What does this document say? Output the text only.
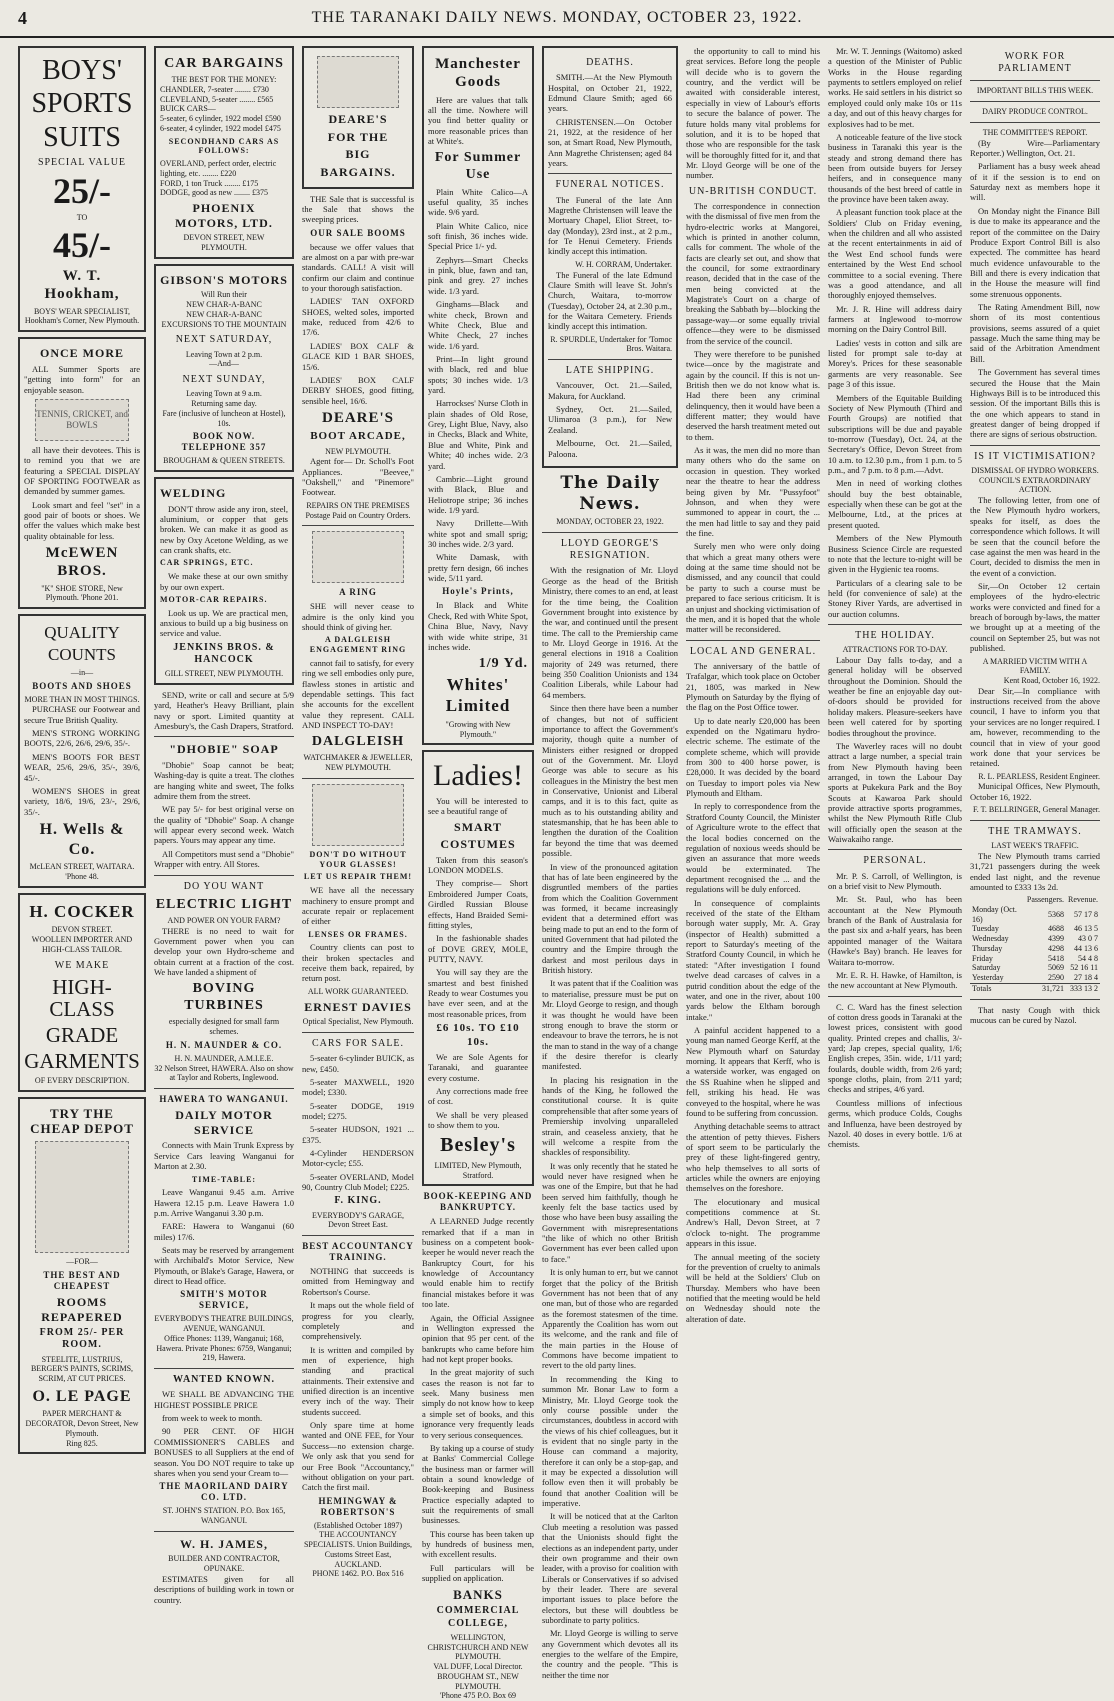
4	THE TARANAKI DAILY NEWS. MONDAY, OCTOBER 23, 1922.
BOYS'
SPORTS
SUITS
SPECIAL VALUE
25/-
TO
45/-
W. T. Hookham,
BOYS' WEAR SPECIALIST,
Hookham's Corner, New Plymouth.
ONCE MORE

ALL Summer Sports are "getting into form" for an enjoyable season.

TENNIS, CRICKET, and BOWLS

all have their devotees. This is to remind you that we are featuring a SPECIAL DISPLAY OF SPORTING FOOTWEAR as demanded by summer games.

Look smart and feel "set" in a good pair of boots or shoes. We offer the values which make best quality obtainable for less.

McEWEN BROS.
"K" SHOE STORE, New Plymouth. 'Phone 201.
QUALITY
COUNTS
—in—
BOOTS AND SHOES
MORE THAN IN MOST THINGS.

PURCHASE our Footwear and secure True British Quality.

MEN'S STRONG WORKING BOOTS, 22/6, 26/6, 29/6, 35/-.

MEN'S BOOTS FOR BEST WEAR, 25/6, 29/6, 35/-, 39/6, 45/-.

WOMEN'S SHOES in great variety, 18/6, 19/6, 23/-, 29/6, 35/-.

H. Wells & Co.
McLEAN STREET, WAITARA.
'Phone 48.
H. COCKER
DEVON STREET.
WOOLLEN IMPORTER AND HIGH-CLASS TAILOR.
WE MAKE
HIGH-CLASS
GRADE
GARMENTS
OF EVERY DESCRIPTION.
TRY THE CHEAP DEPOT
—FOR—
THE BEST AND CHEAPEST
ROOMS REPAPERED
FROM 25/- PER ROOM.
STEELITE, LUSTRIUS, BERGER'S PAINTS, SCRIMS, SCRIM, AT CUT PRICES.
O. LE PAGE
PAPER MERCHANT & DECORATOR, Devon Street, New Plymouth.
Ring 825.
CAR BARGAINS
THE BEST FOR THE MONEY:
CHANDLER, 7-seater ........ £730
CLEVELAND, 5-seater ........ £565
BUICK CARS—
5-seater, 6 cylinder, 1922 model £590
6-seater, 4 cylinder, 1922 model £475
SECONDHAND CARS AS FOLLOWS:
OVERLAND, perfect order, electric lighting, etc. ........ £220
FORD, 1 ton Truck ........ £175
DODGE, good as new ........ £375
PHOENIX MOTORS, LTD.
DEVON STREET, NEW PLYMOUTH.
GIBSON'S MOTORS
Will Run their
NEW CHAR-A-BANC
NEW CHAR-A-BANC
EXCURSIONS TO THE MOUNTAIN
NEXT SATURDAY,
Leaving Town at 2 p.m.
—And—
NEXT SUNDAY,
Leaving Town at 9 a.m.
Returning same day.
Fare (inclusive of luncheon at Hostel), 10s.
BOOK NOW. TELEPHONE 357
BROUGHAM & QUEEN STREETS.
WELDING

DON'T throw aside any iron, steel, aluminium, or copper that gets broken. We can make it as good as new by Oxy Acetone Welding, as we can crank shafts, etc.

CAR SPRINGS, ETC.

We make these at our own smithy by our own expert.

MOTOR-CAR REPAIRS.

Look us up. We are practical men, anxious to build up a big business on service and value.

JENKINS BROS. & HANCOCK
GILL STREET, NEW PLYMOUTH.

SEND, write or call and secure at 5/9 yard, Heather's Heavy Brilliant, plain navy or sport. Limited quantity at Amesbury's, the Cash Drapers, Stratford.

"DHOBIE" SOAP

"Dhobie" Soap cannot be beat; Washing-day is quite a treat. The clothes are hanging white and sweet, The folks admire them from the street.

WE pay 5/- for best original verse on the quality of "Dhobie" Soap. A change will appear every second week. Watch papers. Yours may appear any time.

All Competitors must send a "Dhobie" Wrapper with entry. All Stores.

DO YOU WANT
ELECTRIC LIGHT
AND POWER ON YOUR FARM?

THERE is no need to wait for Government power when you can develop your own Hydro-scheme and obtain current at a fraction of the cost. We have landed a shipment of

BOVING TURBINES
especially designed for small farm schemes.
H. N. MAUNDER & CO.
H. N. MAUNDER, A.M.I.E.E.
32 Nelson Street, HAWERA. Also on show at Taylor and Roberts, Inglewood.
HAWERA TO WANGANUI.
DAILY MOTOR SERVICE

Connects with Main Trunk Express by Service Cars leaving Wanganui for Marton at 2.30.

TIME-TABLE:

Leave Wanganui 9.45 a.m. Arrive Hawera 12.15 p.m. Leave Hawera 1.0 p.m. Arrive Wanganui 3.30 p.m.

FARE: Hawera to Wanganui (60 miles) 17/6.

Seats may be reserved by arrangement with Archibald's Motor Service, New Plymouth, or Blake's Garage, Hawera, or direct to Head office.

SMITH'S MOTOR SERVICE,
EVERYBODY'S THEATRE BUILDINGS, AVENUE, WANGANUI.
Office Phones: 1139, Wanganui; 168, Hawera. Private Phones: 6759, Wanganui; 219, Hawera.
WANTED KNOWN.

WE SHALL BE ADVANCING THE HIGHEST POSSIBLE PRICE

from week to week to month.

90 PER CENT. OF HIGH COMMISSIONER'S CABLES and BONUSES to all Suppliers at the end of season. You DO NOT require to take up shares when you send your Cream to—

THE MAORILAND DAIRY CO. LTD.
ST. JOHN'S STATION. P.O. Box 165, WANGANUI.
W. H. JAMES,
BUILDER AND CONTRACTOR,
OPUNAKE.

ESTIMATES given for all descriptions of building work in town or country.

DEARE'S
FOR THE
BIG
BARGAINS.

THE Sale that is successful is the Sale that shows the sweeping prices.

OUR SALE BOOMS

because we offer values that are almost on a par with pre-war standards. CALL! A visit will confirm our claim and continue to your thorough satisfaction.

LADIES' TAN OXFORD SHOES, welted soles, imported make, reduced from 42/6 to 17/6.

LADIES' BOX CALF & GLACE KID 1 BAR SHOES, 15/6.

LADIES' BOX CALF DERBY SHOES, good fitting, sensible heel, 16/6.

DEARE'S
BOOT ARCADE,
NEW PLYMOUTH.

Agent for— Dr. Scholl's Foot Appliances. "Beevee," "Oakshell," and "Pinemore" Footwear.

REPAIRS ON THE PREMISES
Postage Paid on Country Orders.
A RING

SHE will never cease to admire is the only kind you should think of giving her.

A DALGLEISH ENGAGEMENT RING

cannot fail to satisfy, for every ring we sell embodies only pure, flawless stones in artistic and dependable settings. This fact she accounts for the excellent value they represent. CALL AND INSPECT TO-DAY!

DALGLEISH
WATCHMAKER & JEWELLER, NEW PLYMOUTH.
DON'T DO WITHOUT YOUR GLASSES!
LET US REPAIR THEM!

WE have all the necessary machinery to ensure prompt and accurate repair or replacement of either

LENSES OR FRAMES.

Country clients can post to their broken spectacles and receive them back, repaired, by return post.

ALL WORK GUARANTEED.
ERNEST DAVIES
Optical Specialist, New Plymouth.
CARS FOR SALE.

5-seater 6-cylinder BUICK, as new, £450.

5-seater MAXWELL, 1920 model; £330.

5-seater DODGE, 1919 model; £275.

5-seater HUDSON, 1921 ... £375.

4-Cylinder HENDERSON Motor-cycle; £55.

5-seater OVERLAND, Model 90, Country Club Model; £225.

F. KING.
EVERYBODY'S GARAGE, Devon Street East.
BEST ACCOUNTANCY TRAINING.

NOTHING that succeeds is omitted from Hemingway and Robertson's Course.

It maps out the whole field of progress for you clearly, completely and comprehensively.

It is written and compiled by men of experience, high standing and practical attainments. Their extensive and unified direction is an incentive every inch of the way. Their students succeed.

Only spare time at home wanted and ONE FEE, for Your Success—no extension charge. We only ask that you send for our Free Book "Accountancy," without obligation on your part. Catch the first mail.

HEMINGWAY & ROBERTSON'S
(Established October 1897)
THE ACCOUNTANCY SPECIALISTS. Union Buildings, Customs Street East, AUCKLAND.
PHONE 1462. P.O. Box 516
Manchester Goods

Here are values that talk all the time. Nowhere will you find better quality or more reasonable prices than at White's.

For Summer Use

Plain White Calico—A useful quality, 35 inches wide. 9/6 yard.

Plain White Calico, nice soft finish, 36 inches wide. Special Price 1/- yd.

Zephyrs—Smart Checks in pink, blue, fawn and tan, pink and grey. 27 inches wide. 1/3 yard.

Ginghams—Black and white check, Brown and White Check, Blue and White Check, 27 inches wide. 1/6 yard.

Print—In light ground with black, red and blue spots; 30 inches wide. 1/3 yard.

Harrockses' Nurse Cloth in plain shades of Old Rose, Grey, Light Blue, Navy, also in Checks, Black and White, Blue and White, Pink and White; 40 inches wide. 2/3 yard.

Cambric—Light ground with Black, Blue and Heliotrope stripe; 36 inches wide. 1/9 yard.

Navy Drillette—With white spot and small sprig; 30 inches wide. 2/3 yard.

White Damask, with pretty fern design, 66 inches wide, 5/11 yard.

Hoyle's Prints,

In Black and White Check, Red with White Spot, China Blue, Navy, Navy with wide white stripe, 31 inches wide.

1/9 Yd.
Whites' Limited
"Growing with New Plymouth."
Ladies!

You will be interested to see a beautiful range of

SMART
COSTUMES

Taken from this season's LONDON MODELS.

They comprise— Short Embroidered Jumper Coats, Girdled Russian Blouse effects, Hand Braided Semi-fitting styles,

In the fashionable shades of DOVE GREY, MOLE, PUTTY, NAVY.

You will say they are the smartest and best finished Ready to wear Costumes you have ever seen, and at the most reasonable prices, from

£6 10s. TO £10 10s.

We are Sole Agents for Taranaki, and guarantee every costume.

Any corrections made free of cost.

We shall be very pleased to show them to you.

Besley's
LIMITED, New Plymouth, Stratford.
BOOK-KEEPING AND BANKRUPTCY.

A LEARNED Judge recently remarked that if a man in business on a competent book-keeper he would never reach the Bankruptcy Court, for his knowledge of Accountancy would enable him to rectify financial mistakes before it was too late.

Again, the Official Assignee in Wellington expressed the opinion that 95 per cent. of the bankrupts who came before him had not kept proper books.

In the great majority of such cases the reason is not far to seek. Many business men simply do not know how to keep a simple set of books, and this ignorance very frequently leads to very serious consequences.

By taking up a course of study at Banks' Commercial College the business man or farmer will obtain a sound knowledge of Book-keeping and Business Practice especially adapted to suit the requirements of small businesses.

This course has been taken up by hundreds of business men, with excellent results.

Full particulars will be supplied on application.

BANKS
COMMERCIAL COLLEGE,
WELLINGTON, CHRISTCHURCH AND NEW PLYMOUTH.
VAL DUFF, Local Director.
BROUGHAM ST., NEW PLYMOUTH.
'Phone 475 P.O. Box 69
DEATHS.

SMITH.—At the New Plymouth Hospital, on October 21, 1922, Edmund Claure Smith; aged 66 years.

CHRISTENSEN.—On October 21, 1922, at the residence of her son, at Smart Road, New Plymouth, Ann Magrethe Christensen; aged 84 years.

FUNERAL NOTICES.

The Funeral of the late Ann Magrethe Christensen will leave the Mortuary Chapel, Eliot Street, to-day (Monday), 23rd inst., at 2 p.m., for Te Henui Cemetery. Friends kindly accept this intimation.

W. H. CORRAM, Undertaker.

The Funeral of the late Edmund Claure Smith will leave St. John's Church, Waitara, to-morrow (Tuesday), October 24, at 2.30 p.m., for the Waitara Cemetery. Friends kindly accept this intimation.

R. SPURDLE, Undertaker for 'Tomoc Bros. Waitara.
LATE SHIPPING.

Vancouver, Oct. 21.—Sailed, Makura, for Auckland.

Sydney, Oct. 21.—Sailed, Ulimaroa (3 p.m.), for New Zealand.

Melbourne, Oct. 21.—Sailed, Paloona.

The Daily News.
MONDAY, OCTOBER 23, 1922.
LLOYD GEORGE'S RESIGNATION.

With the resignation of Mr. Lloyd George as the head of the British Ministry, there comes to an end, at least for the time being, the Coalition Government brought into existence by the war, and continued until the present time. The call to the Premiership came to Mr. Lloyd George in 1916. At the general elections in 1918 a Coalition majority of 249 was returned, there being 350 Coalition Unionists and 134 Coalition Liberals, while Labour had 64 members.

Since then there have been a number of changes, but not of sufficient importance to affect the Government's majority, though quite a number of Ministers either resigned or dropped out of the Government. Mr. Lloyd George was able to secure as his colleagues in the Ministry the best men in Conservative, Unionist and Liberal camps, and it is to this fact, quite as much as to his outstanding ability and statesmanship, that he has been able to lengthen the duration of the Coalition far beyond the time that was deemed possible.

In view of the pronounced agitation that has of late been engineered by the disgruntled members of the parties from which the Coalition Government was formed, it became increasingly evident that a determined effort was being made to put an end to the form of united Government that had piloted the country and the Empire through the darkest and most perilous days in British history.

It was patent that if the Coalition was to materialise, pressure must be put on Mr. Lloyd George to resign, and though it was thought he would have been strong enough to brave the storm or endeavour to brave the terrors, he is not the man to stand in the way of a change if the desire therefor is clearly manifested.

In placing his resignation in the hands of the King, he followed the constitutional course. It is quite comprehensible that after some years of Premiership involving unparalleled strain, and ceaseless anxiety, that he will welcome a respite from the shackles of responsibility.

It was only recently that he stated he would never have resigned when he was one of the Empire, but that he had been served him faithfully, though he keenly felt the base tactics used by those who have been busy assailing the Government with misrepresentations "the like of which no other British Government has ever been called upon to face."

It is only human to err, but we cannot forget that the policy of the British Government has not been that of any one man, but of those who are regarded as the foremost statesmen of the time. Apparently the Coalition has worn out its welcome, and the rank and file of the main parties in the House of Commons have become impatient to revert to the old party lines.

In recommending the King to summon Mr. Bonar Law to form a Ministry, Mr. Lloyd George took the only course possible under the circumstances, doubtless in accord with the views of his chief colleagues, but it is evident that no single party in the House can command a majority, therefore it can only be a stop-gap, and it may be expected a dissolution will follow even then it will probably be found that another Coalition will be imperative.

It will be noticed that at the Carlton Club meeting a resolution was passed that the Unionists should fight the elections as an independent party, under their own programme and their own leader, with a proviso for coalition with Liberals or Conservatives if so advised by their leader. There are several important issues to place before the electors, but these will doubtless be subordinate to party politics.

Mr. Lloyd George is willing to serve any Government which devotes all its energies to the welfare of the Empire, the country and the people. "This is neither the time nor

the opportunity to call to mind his great services. Before long the people will decide who is to govern the country, and the verdict will be awaited with considerable interest, especially in view of Labour's efforts to secure the balance of power. The future holds many vital problems for solution, and it is to be hoped that those who are responsible for the task will be thoroughly fitted for it, and that Mr. Lloyd George will be one of the number.

UN-BRITISH CONDUCT.

The correspondence in connection with the dismissal of five men from the hydro-electric works at Mangorei, which is printed in another column, calls for comment. The whole of the facts are clearly set out, and show that the council, for some extraordinary reason, decided that in the case of the men being convicted at the Magistrate's Court on a charge of breaking the Sabbath by—blocking the passage-way—or some equally trivial offence—they were to be dismissed from the service of the council.

They were therefore to be punished twice—once by the magistrate and again by the council. If this is not un-British then we do not know what is. Had there been any criminal delinquency, then it would have been a different matter; they would have deserved the harsh treatment meted out to them.

As it was, the men did no more than many others who do the same on occasion in question. They worked near the theatre to hear the address being given by Mr. "Pussyfoot" Johnson, and when they were summoned to appear in court, the ... the men had little to say and they paid the fine.

Surely men who were only doing that which a great many others were doing at the same time should not be dismissed, and any council that could be party to such a course must be prepared to face serious criticism. It is an unjust and shocking victimisation of the men, and it is hoped that the whole matter will be reconsidered.

LOCAL AND GENERAL.

The anniversary of the battle of Trafalgar, which took place on October 21, 1805, was marked in New Plymouth on Saturday by the flying of the flag on the Post Office tower.

Up to date nearly £20,000 has been expended on the Ngatimaru hydro-electric scheme. The estimate of the complete scheme, which will provide from 300 to 400 horse power, is £28,000. It was decided by the board on Tuesday to import poles via New Plymouth and Eltham.

In reply to correspondence from the Stratford County Council, the Minister of Agriculture wrote to the effect that the local bodies concerned on the regulation of noxious weeds should be given an assurance that more weeds would be exterminated. The department recognised the ... and the regulations will be duly enforced.

In consequence of complaints received of the state of the Eltham borough water supply, Mr. A. Gray (inspector of Health) submitted a report to Saturday's meeting of the Stratford County Council, in which he stated: "After investigation I found twelve dead carcases of calves in a putrid condition about the edge of the water, and one in the river, about 100 yards below the Eltham borough intake."

A painful accident happened to a young man named George Kerff, at the New Plymouth wharf on Saturday morning. It appears that Kerff, who is a waterside worker, was engaged on the SS Ruahine when he slipped and fell, striking his head. He was conveyed to the hospital, where he was found to be suffering from concussion.

Anything detachable seems to attract the attention of petty thieves. Fishers of sport seem to be particularly the prey of these light-fingered gentry, who help themselves to all sorts of articles while the owners are enjoying themselves on the foreshore.

The elocutionary and musical competitions commence at St. Andrew's Hall, Devon Street, at 7 o'clock to-night. The programme appears in this issue.

The annual meeting of the society for the prevention of cruelty to animals will be held at the Soldiers' Club on Thursday. Members who have been notified that the meeting would be held on Wednesday should note the alteration of date.

Mr. W. T. Jennings (Waitomo) asked a question of the Minister of Public Works in the House regarding payments to settlers employed on relief works. He said settlers in his district so employed could only make 10s or 11s a day, and out of this heavy charges for explosives had to be met.

A noticeable feature of the live stock business in Taranaki this year is the steady and strong demand there has been from outside buyers for Jersey heifers, and in consequence many thousands of the best breed of cattle in the province have been taken away.

A pleasant function took place at the Soldiers' Club on Friday evening, when the children and all who assisted at the recent entertainments in aid of the West End school funds were entertained by the West End school committee to a social evening. There was a good attendance, and all thoroughly enjoyed themselves.

Mr. J. R. Hine will address dairy farmers at Inglewood to-morrow morning on the Dairy Control Bill.

Ladies' vests in cotton and silk are listed for prompt sale to-day at Morey's. Prices for these seasonable garments are very reasonable. See page 3 of this issue.

Members of the Equitable Building Society of New Plymouth (Third and Fourth Groups) are notified that subscriptions will be due and payable to-morrow (Tuesday), Oct. 24, at the Secretary's Office, Devon Street from 10 a.m. to 12.30 p.m., from 1 p.m. to 5 p.m., and 7 p.m. to 8 p.m.—Advt.

Men in need of working clothes should buy the best obtainable, especially when these can be got at the Melbourne, Ltd., at the prices at present quoted.

Members of the New Plymouth Business Science Circle are requested to note that the lecture to-night will be given in the Hygienic tea rooms.

Particulars of a clearing sale to be held (for convenience of sale) at the Stoney River Yards, are advertised in our auction columns.

THE HOLIDAY.
ATTRACTIONS FOR TO-DAY.

Labour Day falls to-day, and a general holiday will be observed throughout the Dominion. Should the weather be fine an enjoyable day out-of-doors should be provided for holiday makers. Pleasure-seekers have been well catered for by sporting bodies throughout the province.

The Waverley races will no doubt attract a large number, a special train from New Plymouth having been arranged, in town the Labour Day sports at Pukekura Park and the Boy Scouts at Kawaroa Park should provide attractive sports programmes, whilst the New Plymouth Rifle Club will officially open the season at the Waiwakaiho range.

PERSONAL.

Mr. P. S. Carroll, of Wellington, is on a brief visit to New Plymouth.

Mr. St. Paul, who has been accountant at the New Plymouth branch of the Bank of Australasia for the past six and a-half years, has been appointed manager of the Waitara (Hawke's Bay) branch. He leaves for Waitara to-morrow.

Mr. E. R. H. Hawke, of Hamilton, is the new accountant at New Plymouth.

C. C. Ward has the finest selection of cotton dress goods in Taranaki at the lowest prices, consistent with good quality. Printed crepes and challis, 3/- yard; Jap crepes, special quality, 1/6; English crepes, 35in. wide, 1/11 yard; foulards, double width, from 2/6 yard; sponge cloths, plain, from 2/11 yard; checks and stripes, 4/6 yard.

Countless millions of infectious germs, which produce Colds, Coughs and Influenza, have been destroyed by Nazol. 40 doses in every bottle. 1/6 at chemists.

WORK FOR PARLIAMENT
IMPORTANT BILLS THIS WEEK.
DAIRY PRODUCE CONTROL.
THE COMMITTEE'S REPORT.

(By Wire—Parliamentary Reporter.) Wellington, Oct. 21.

Parliament has a busy week ahead of it if the session is to end on Saturday next as members hope it will.

On Monday night the Finance Bill is due to make its appearance and the report of the committee on the Dairy Produce Export Control Bill is also expected. The committee has heard much evidence unfavourable to the Bill and there is every indication that in the House the measure will find some strenuous opponents.

The Rating Amendment Bill, now shorn of its most contentious provisions, seems assured of a quiet passage. Much the same thing may be said of the Arbitration Amendment Bill.

The Government has several times secured the House that the Main Highways Bill is to be introduced this session. Of the important Bills this is the one which appears to stand in greatest danger of being dropped if there are signs of serious obstruction.

IS IT VICTIMISATION?
DISMISSAL OF HYDRO WORKERS.
COUNCIL'S EXTRAORDINARY ACTION.

The following letter, from one of the New Plymouth hydro workers, speaks for itself, as does the correspondence which follows. It will be seen that the council before the case against the men was heard in the Court, decided to dismiss the men in the event of a conviction.

Sir,—On October 12 certain employees of the hydro-electric works were convicted and fined for a breach of borough by-laws, the matter we brought up at a meeting of the council on September 25, but was not published.

A MARRIED VICTIM WITH A FAMILY.
Kent Road, October 16, 1922.

Dear Sir,—In compliance with instructions received from the above council, I have to inform you that your services are no longer required. I am, however, recommending to the council that in view of your good work done that your services be retained.

R. L. PEARLESS, Resident Engineer.

Municipal Offices, New Plymouth, October 16, 1922.

F. T. BELLRINGER, General Manager.
THE TRAMWAYS.
LAST WEEK'S TRAFFIC.

The New Plymouth trams carried 31,721 passengers during the week ended last night, and the revenue amounted to £333 13s 2d.

	Passengers.	Revenue.
Monday (Oct. 16)	5368	57 17 8
Tuesday	4688	46 13 5
Wednesday	4399	43 0 7
Thursday	4298	44 13 6
Friday	5418	54 4 8
Saturday	5069	52 16 11
Yesterday	2590	27 18 4
Totals	31,721	333 13 2

That nasty Cough with thick mucous can be cured by Nazol.
